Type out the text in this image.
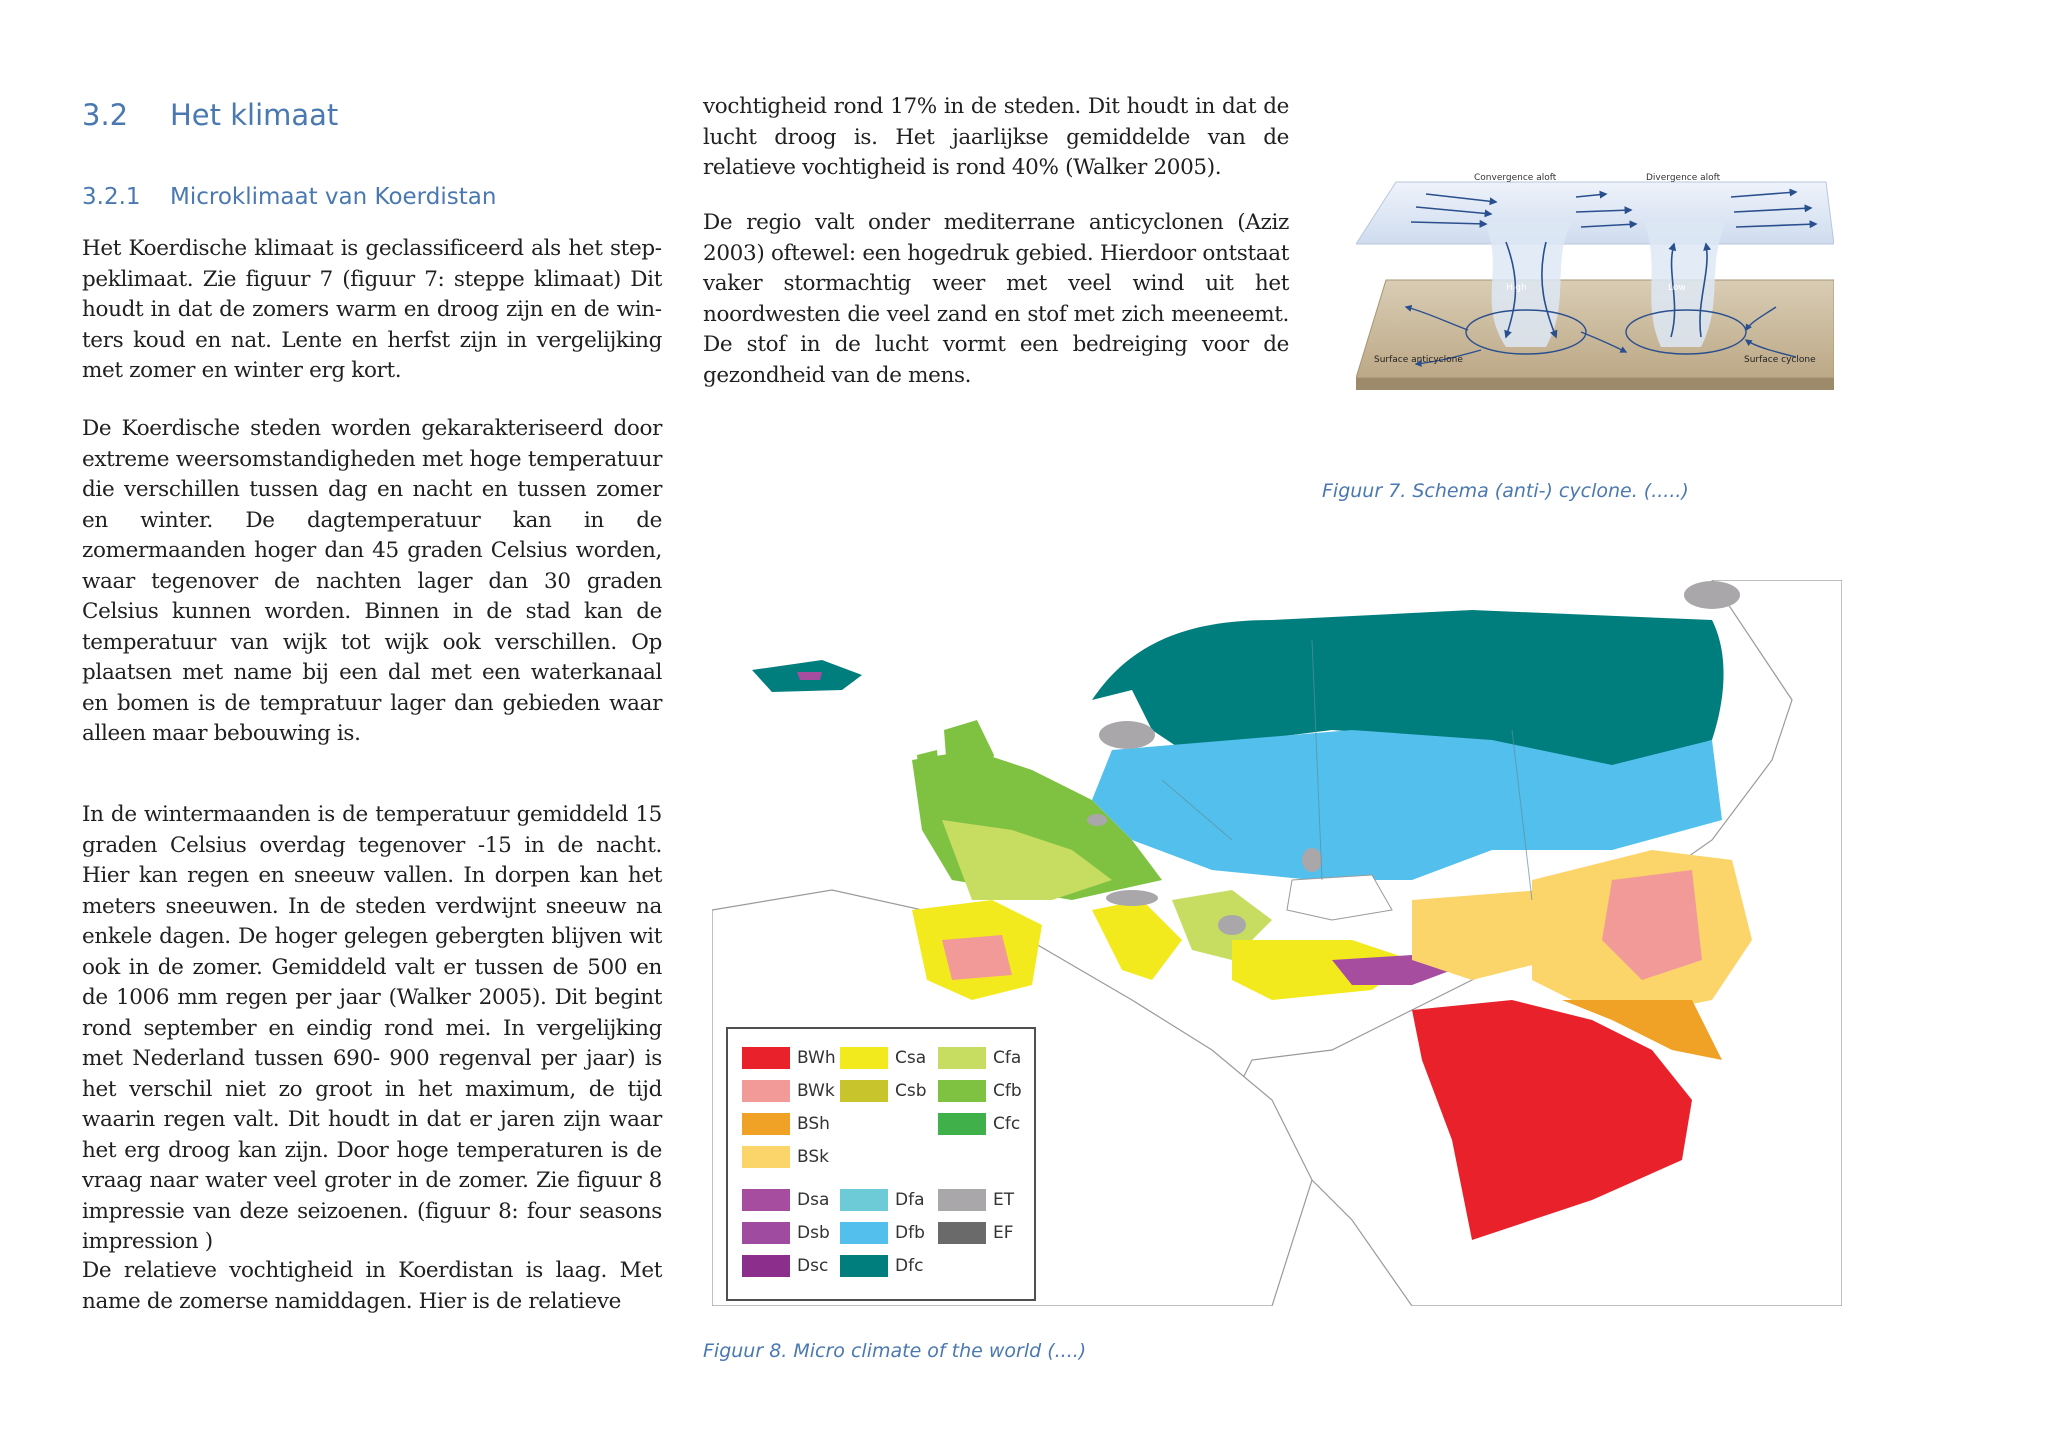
3.2 Het klimaat
3.2.1 Microklimaat van Koerdistan
Het Koerdische klimaat is geclassificeerd als het steppeklimaat. Zie figuur 7 (figuur 7: steppe klimaat) Dit houdt in dat de zomers warm en droog zijn en de winters koud en nat. Lente en herfst zijn in vergelijking met zomer en winter erg kort.
De Koerdische steden worden gekarakteriseerd door extreme weersomstandigheden met hoge temperatuur die verschillen tussen dag en nacht en tussen zomer en winter. De dagtemperatuur kan in de zomermaanden hoger dan 45 graden Celsius worden, waar tegenover de nachten lager dan 30 graden Celsius kunnen worden. Binnen in de stad kan de temperatuur van wijk tot wijk ook verschillen. Op plaatsen met name bij een dal met een waterkanaal en bomen is de tempratuur lager dan gebieden waar alleen maar bebouwing is.
In de wintermaanden is de temperatuur gemiddeld 15 graden Celsius overdag tegenover -15 in de nacht. Hier kan regen en sneeuw vallen. In dorpen kan het meters sneeuwen. In de steden verdwijnt sneeuw na enkele dagen. De hoger gelegen gebergten blijven wit ook in de zomer. Gemiddeld valt er tussen de 500 en de 1006 mm regen per jaar (Walker 2005). Dit begint rond september en eindig rond mei. In vergelijking met Nederland tussen 690- 900 regenval per jaar) is het verschil niet zo groot in het maximum, de tijd waarin regen valt. Dit houdt in dat er jaren zijn waar het erg droog kan zijn. Door hoge temperaturen is de vraag naar water veel groter in de zomer. Zie figuur 8 impressie van deze seizoenen. (figuur 8: four seasons impression )
De relatieve vochtigheid in Koerdistan is laag. Met name de zomerse namiddagen. Hier is de relatieve
vochtigheid rond 17% in de steden. Dit houdt in dat de lucht droog is. Het jaarlijkse gemiddelde van de relatieve vochtigheid is rond 40% (Walker 2005).
De regio valt onder mediterrane anticyclonen (Aziz 2003) oftewel: een hogedruk gebied. Hierdoor ontstaat vaker stormachtig weer met veel wind uit het noordwesten die veel zand en stof met zich meeneemt. De stof in de lucht vormt een bedreiging voor de gezondheid van de mens.
Convergence aloft	Divergence aloft
High	Low
Surface anticyclone	Surface cyclone
Figuur 7. Schema (anti-) cyclone. (.....)
BWh
BWk
BSh
BSk
Csa
Csb
Cfa
Cfb
Cfc
Dsa
Dsb
Dsc
Dfa
Dfb
Dfc
ET
EF
Figuur 8. Micro climate of the world (....)
